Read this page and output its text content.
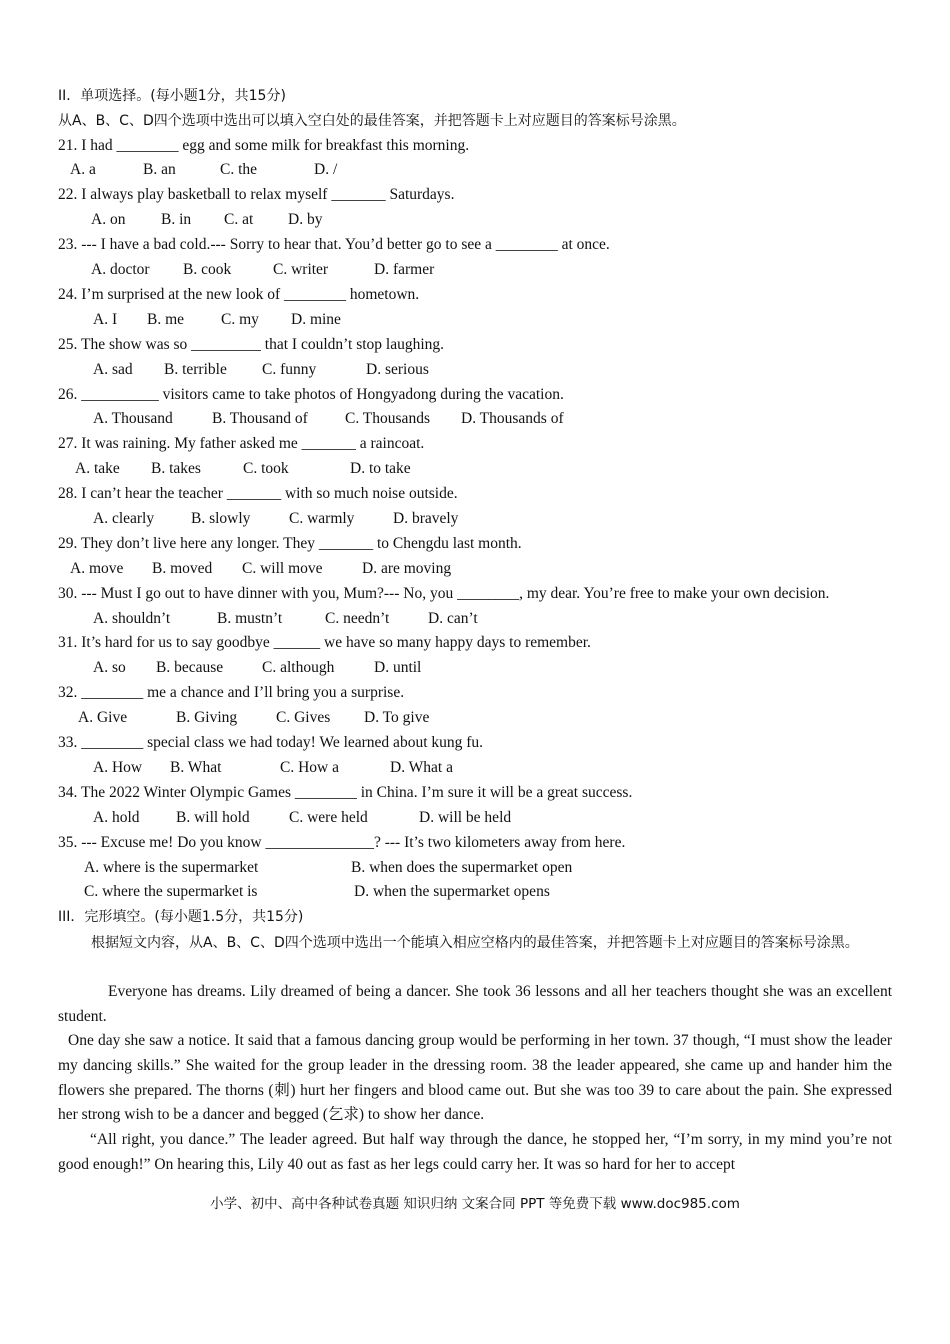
II．单项选择。(每小题1分，共15分)
从A、B、C、D四个选项中选出可以填入空白处的最佳答案，并把答题卡上对应题目的答案标号涂黑。
21. I had ________ egg and some milk for breakfast this morning.
A. a	B. an	C. the	D. /
22. I always play basketball to relax myself _______ Saturdays.
A. on B. in C. at D. by
23. --- I have a bad cold.--- Sorry to hear that. You’d better go to see a ________ at once.
A. doctor B. cook	C. writer	D. farmer
24. I’m surprised at the new look of ________ hometown.
A. I B. me C. my D. mine
25. The show was so _________ that I couldn’t stop laughing.
A. sad B. terrible C. funny	D. serious
26. __________ visitors came to take photos of Hongyadong during the vacation.
A. Thousand	B. Thousand of C. Thousands D. Thousands of
27. It was raining. My father asked me _______ a raincoat.
A. take B. takes	C. took	D. to take
28. I can’t hear the teacher _______ with so much noise outside.
A. clearly B. slowly C. warmly D. bravely
29. They don’t live here any longer. They _______ to Chengdu last month.
A. move B. moved C. will move	D. are moving
30. --- Must I go out to have dinner with you, Mum?--- No, you ________, my dear. You’re free to make your own decision.
A. shouldn’t	B. mustn’t	C. needn’t D. can’t
31. It’s hard for us to say goodbye ______ we have so many happy days to remember.
A. so B. because	C. although	D. until
32. ________ me a chance and I’ll bring you a surprise.
A. Give	B. Giving	C. Gives D. To give
33. ________ special class we had today! We learned about kung fu.
A. How B. What	C. How a	D. What a
34. The 2022 Winter Olympic Games ________ in China. I’m sure it will be a great success.
A. hold B. will hold	C. were held	D. will be held
35. --- Excuse me! Do you know ______________? --- It’s two kilometers away from here.
A. where is the supermarket	B. when does the supermarket open
C. where the supermarket is	D. when the supermarket opens
III．完形填空。(每小题1.5分，共15分)
根据短文内容，从A、B、C、D四个选项中选出一个能填入相应空格内的最佳答案，并把答题卡上对应题目的答案标号涂黑。
Everyone has dreams. Lily dreamed of being a dancer. She took 36 lessons and all her teachers thought she was an excellent student.
One day she saw a notice. It said that a famous dancing group would be performing in her town. 37 though, “I must show the leader my dancing skills.” She waited for the group leader in the dressing room. 38 the leader appeared, she came up and hander him the flowers she prepared. The thorns (刺) hurt her fingers and blood came out. But she was too 39 to care about the pain. She expressed her strong wish to be a dancer and begged (乞求) to show her dance.
“All right, you dance.” The leader agreed. But half way through the dance, he stopped her, “I’m sorry, in my mind you’re not good enough!” On hearing this, Lily 40 out as fast as her legs could carry her. It was so hard for her to accept
小学、初中、高中各种试卷真题 知识归纳 文案合同 PPT 等免费下载 www.doc985.com
